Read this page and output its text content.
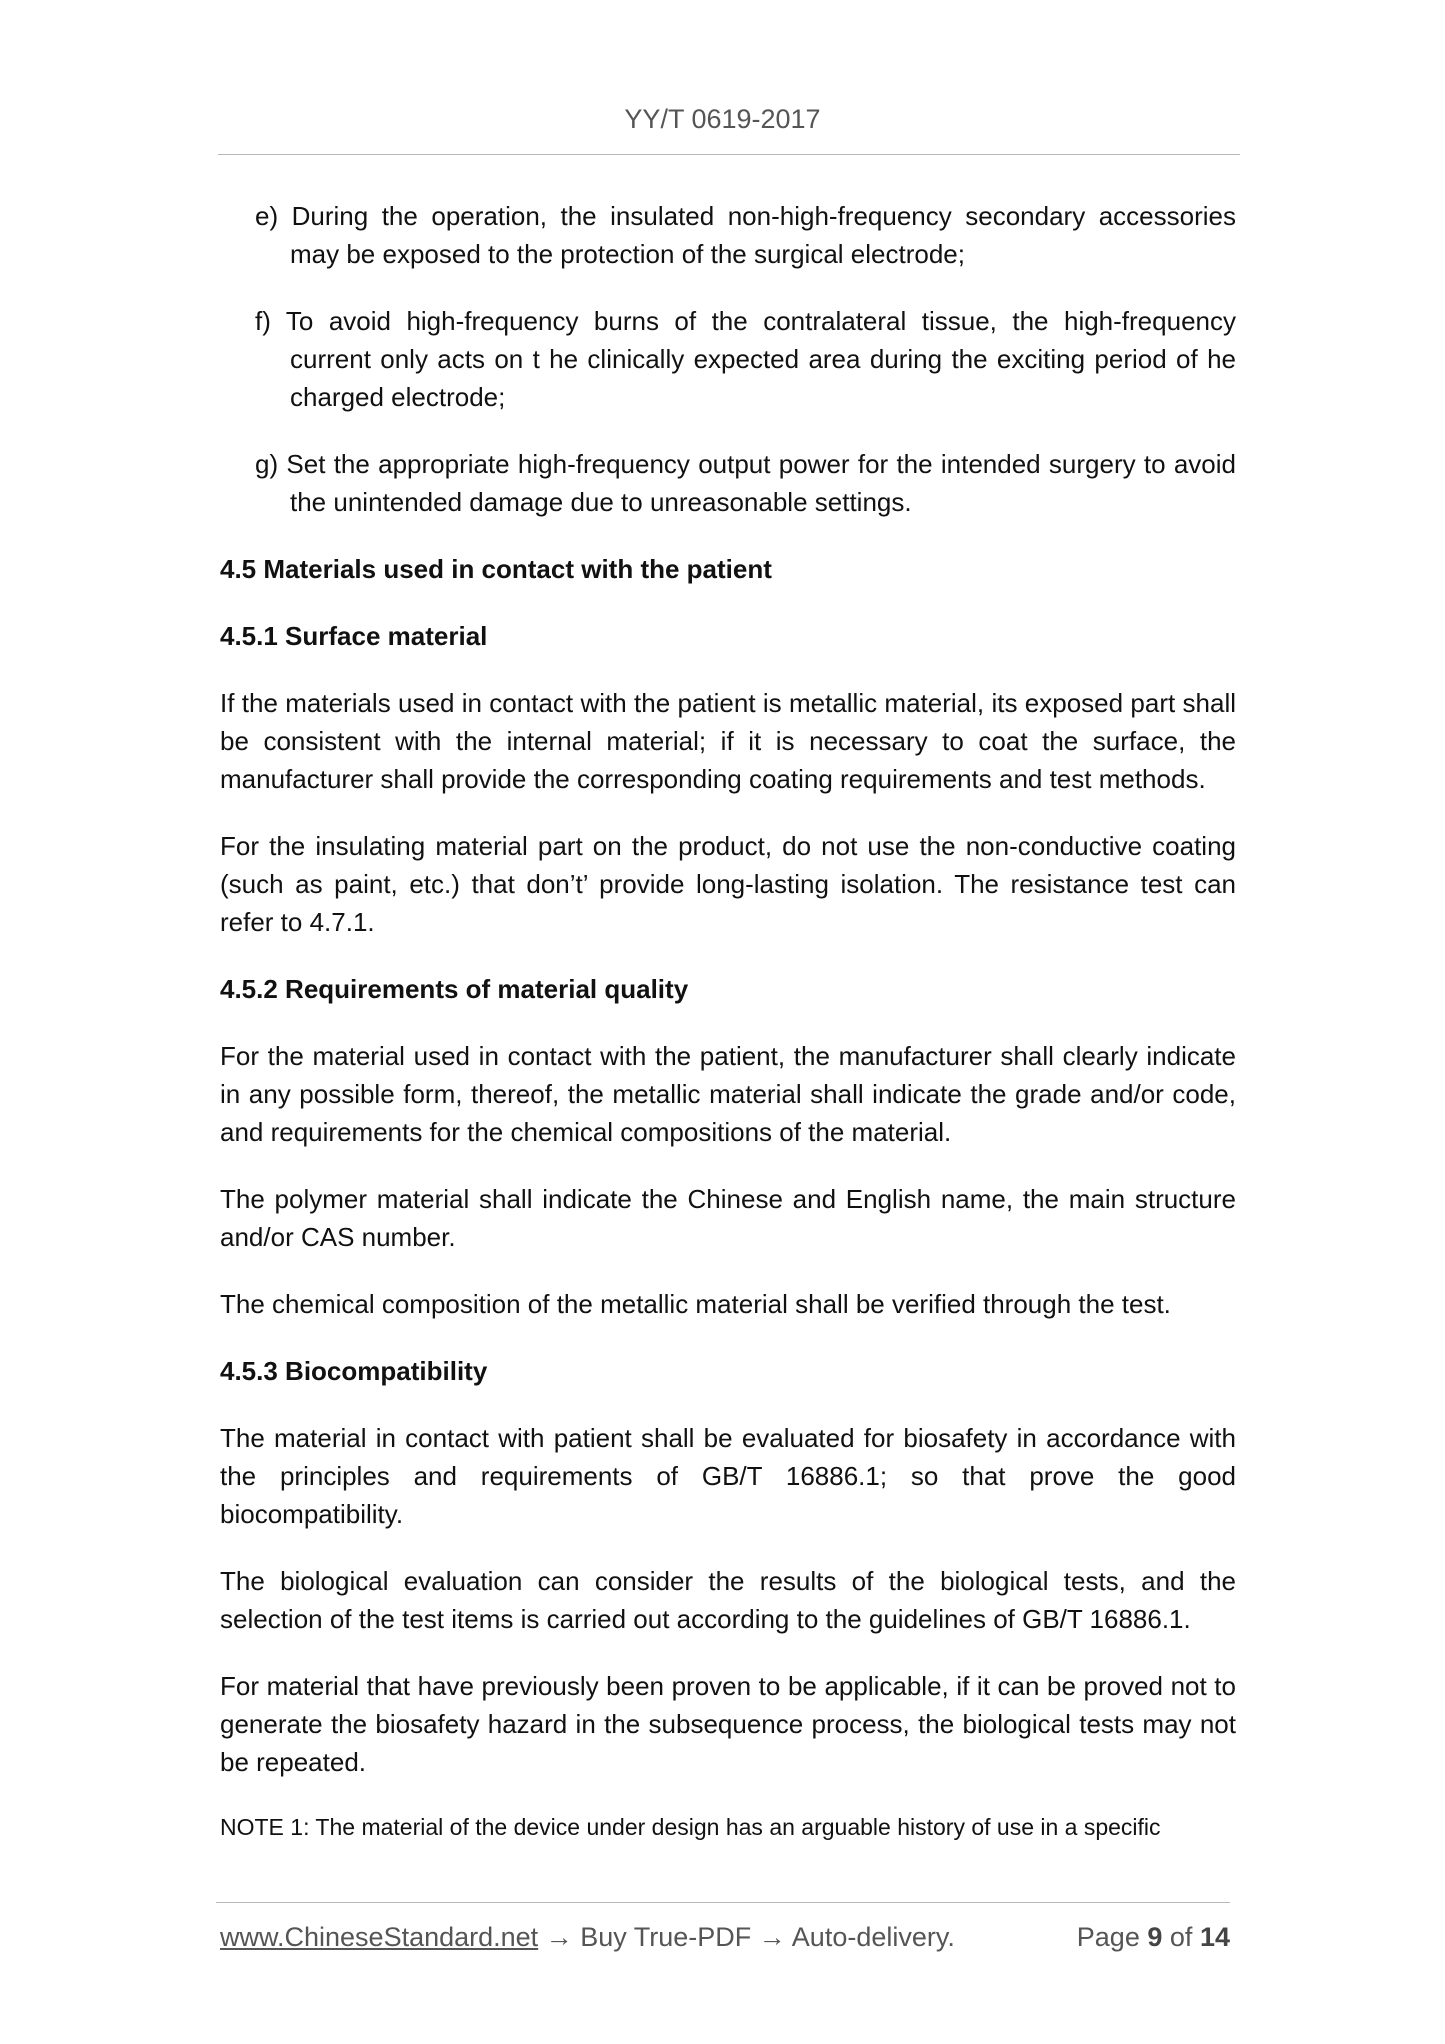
YY/T 0619-2017

e) During the operation, the insulated non-high-frequency secondary accessories may be exposed to the protection of the surgical electrode;

f) To avoid high-frequency burns of the contralateral tissue, the high-frequency current only acts on t he clinically expected area during the exciting period of he charged electrode;

g) Set the appropriate high-frequency output power for the intended surgery to avoid the unintended damage due to unreasonable settings.

4.5 Materials used in contact with the patient

4.5.1 Surface material

If the materials used in contact with the patient is metallic material, its exposed part shall be consistent with the internal material; if it is necessary to coat the surface, the manufacturer shall provide the corresponding coating requirements and test methods.

For the insulating material part on the product, do not use the non-conductive coating (such as paint, etc.) that don’t’ provide long-lasting isolation. The resistance test can refer to 4.7.1.

4.5.2 Requirements of material quality

For the material used in contact with the patient, the manufacturer shall clearly indicate in any possible form, thereof, the metallic material shall indicate the grade and/or code, and requirements for the chemical compositions of the material.

The polymer material shall indicate the Chinese and English name, the main structure and/or CAS number.

The chemical composition of the metallic material shall be verified through the test.

4.5.3 Biocompatibility

The material in contact with patient shall be evaluated for biosafety in accordance with the principles and requirements of GB/T 16886.1; so that prove the good biocompatibility.

The biological evaluation can consider the results of the biological tests, and the selection of the test items is carried out according to the guidelines of GB/T 16886.1.

For material that have previously been proven to be applicable, if it can be proved not to generate the biosafety hazard in the subsequence process, the biological tests may not be repeated.

NOTE 1: The material of the device under design has an arguable history of use in a specific

www.ChineseStandard.net → Buy True-PDF → Auto-delivery.	Page 9 of 14
